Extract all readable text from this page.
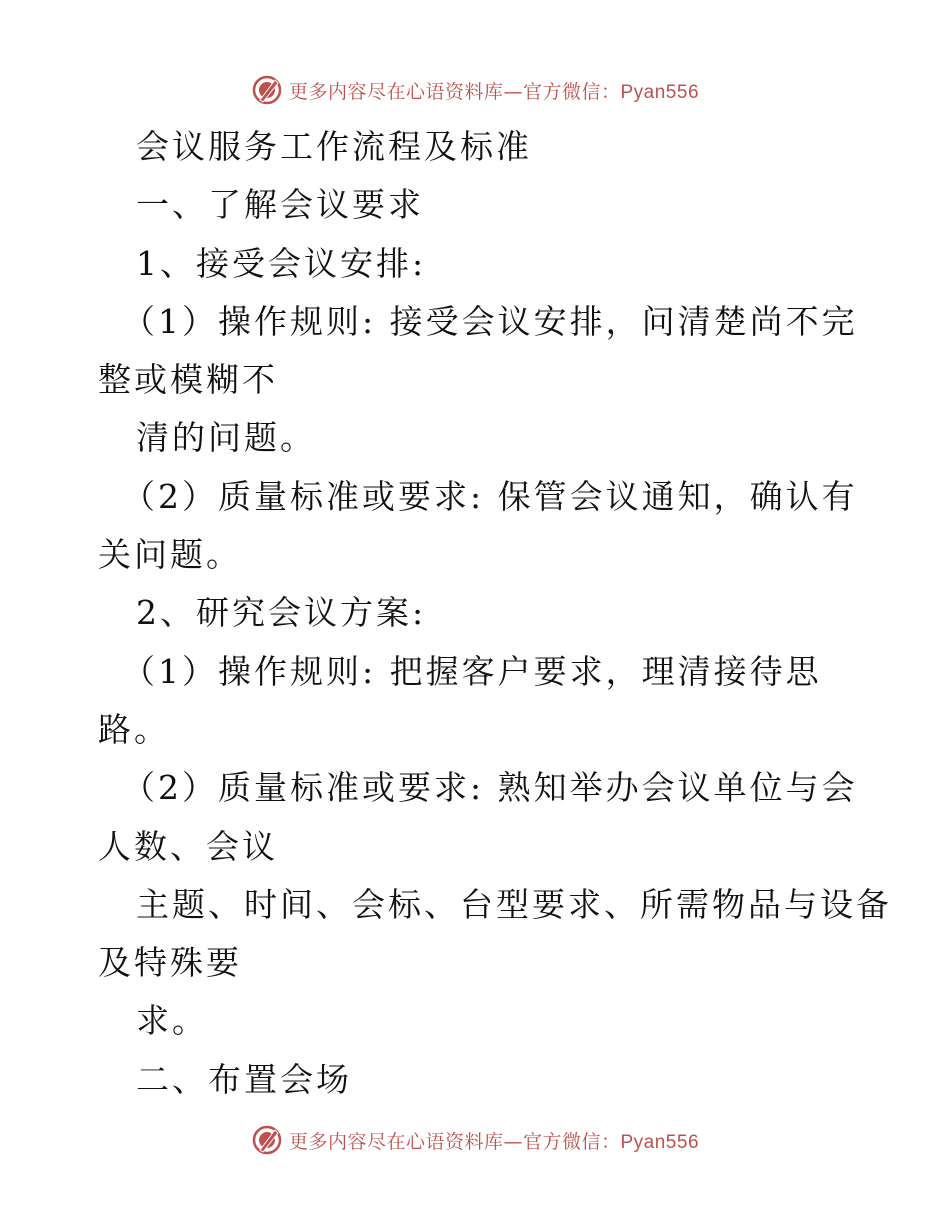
更多内容尽在心语资料库—官方微信：Pyan556
会议服务工作流程及标准
一、了解会议要求
1、接受会议安排:
（1）操作规则: 接受会议安排，问清楚尚不完
整或模糊不
清的问题。
（2）质量标准或要求: 保管会议通知，确认有
关问题。
2、研究会议方案:
（1）操作规则: 把握客户要求，理清接待思
路。
（2）质量标准或要求: 熟知举办会议单位与会
人数、会议
主题、时间、会标、台型要求、所需物品与设备
及特殊要
求。
二、布置会场
更多内容尽在心语资料库—官方微信：Pyan556
